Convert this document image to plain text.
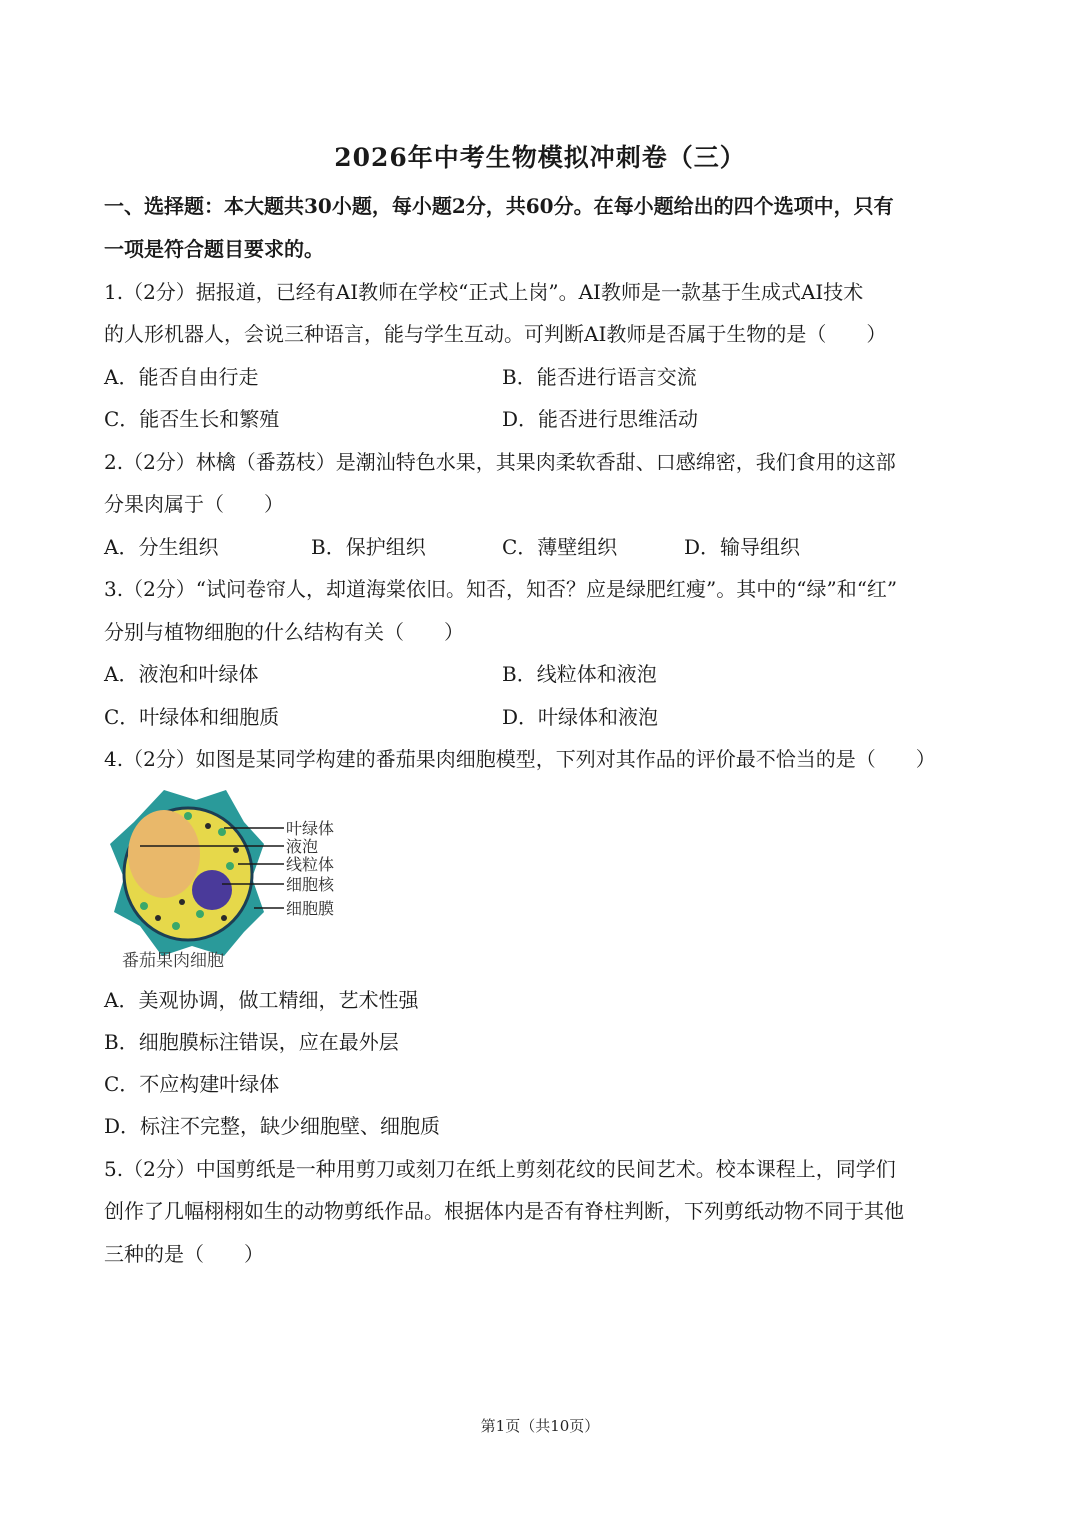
2026年中考生物模拟冲刺卷（三）
一、选择题：本大题共30小题，每小题2分，共60分。在每小题给出的四个选项中，只有
一项是符合题目要求的。
1.（2分）据报道，已经有AI教师在学校“正式上岗”。AI教师是一款基于生成式AI技术
的人形机器人，会说三种语言，能与学生互动。可判断AI教师是否属于生物的是（　　）
A．能否自由行走	B．能否进行语言交流
C．能否生长和繁殖	D．能否进行思维活动
2.（2分）林檎（番荔枝）是潮汕特色水果，其果肉柔软香甜、口感绵密，我们食用的这部
分果肉属于（　　）
A．分生组织	B．保护组织	C．薄壁组织	D．输导组织
3.（2分）“试问卷帘人，却道海棠依旧。知否，知否？应是绿肥红瘦”。其中的“绿”和“红”
分别与植物细胞的什么结构有关（　　）
A．液泡和叶绿体	B．线粒体和液泡
C．叶绿体和细胞质	D．叶绿体和液泡
4.（2分）如图是某同学构建的番茄果肉细胞模型，下列对其作品的评价最不恰当的是（　　）
叶绿体
液泡
线粒体
细胞核
细胞膜
番茄果肉细胞
A．美观协调，做工精细，艺术性强
B．细胞膜标注错误，应在最外层
C．不应构建叶绿体
D．标注不完整，缺少细胞壁、细胞质
5.（2分）中国剪纸是一种用剪刀或刻刀在纸上剪刻花纹的民间艺术。校本课程上，同学们
创作了几幅栩栩如生的动物剪纸作品。根据体内是否有脊柱判断，下列剪纸动物不同于其他
三种的是（　　）
第1页（共10页）
